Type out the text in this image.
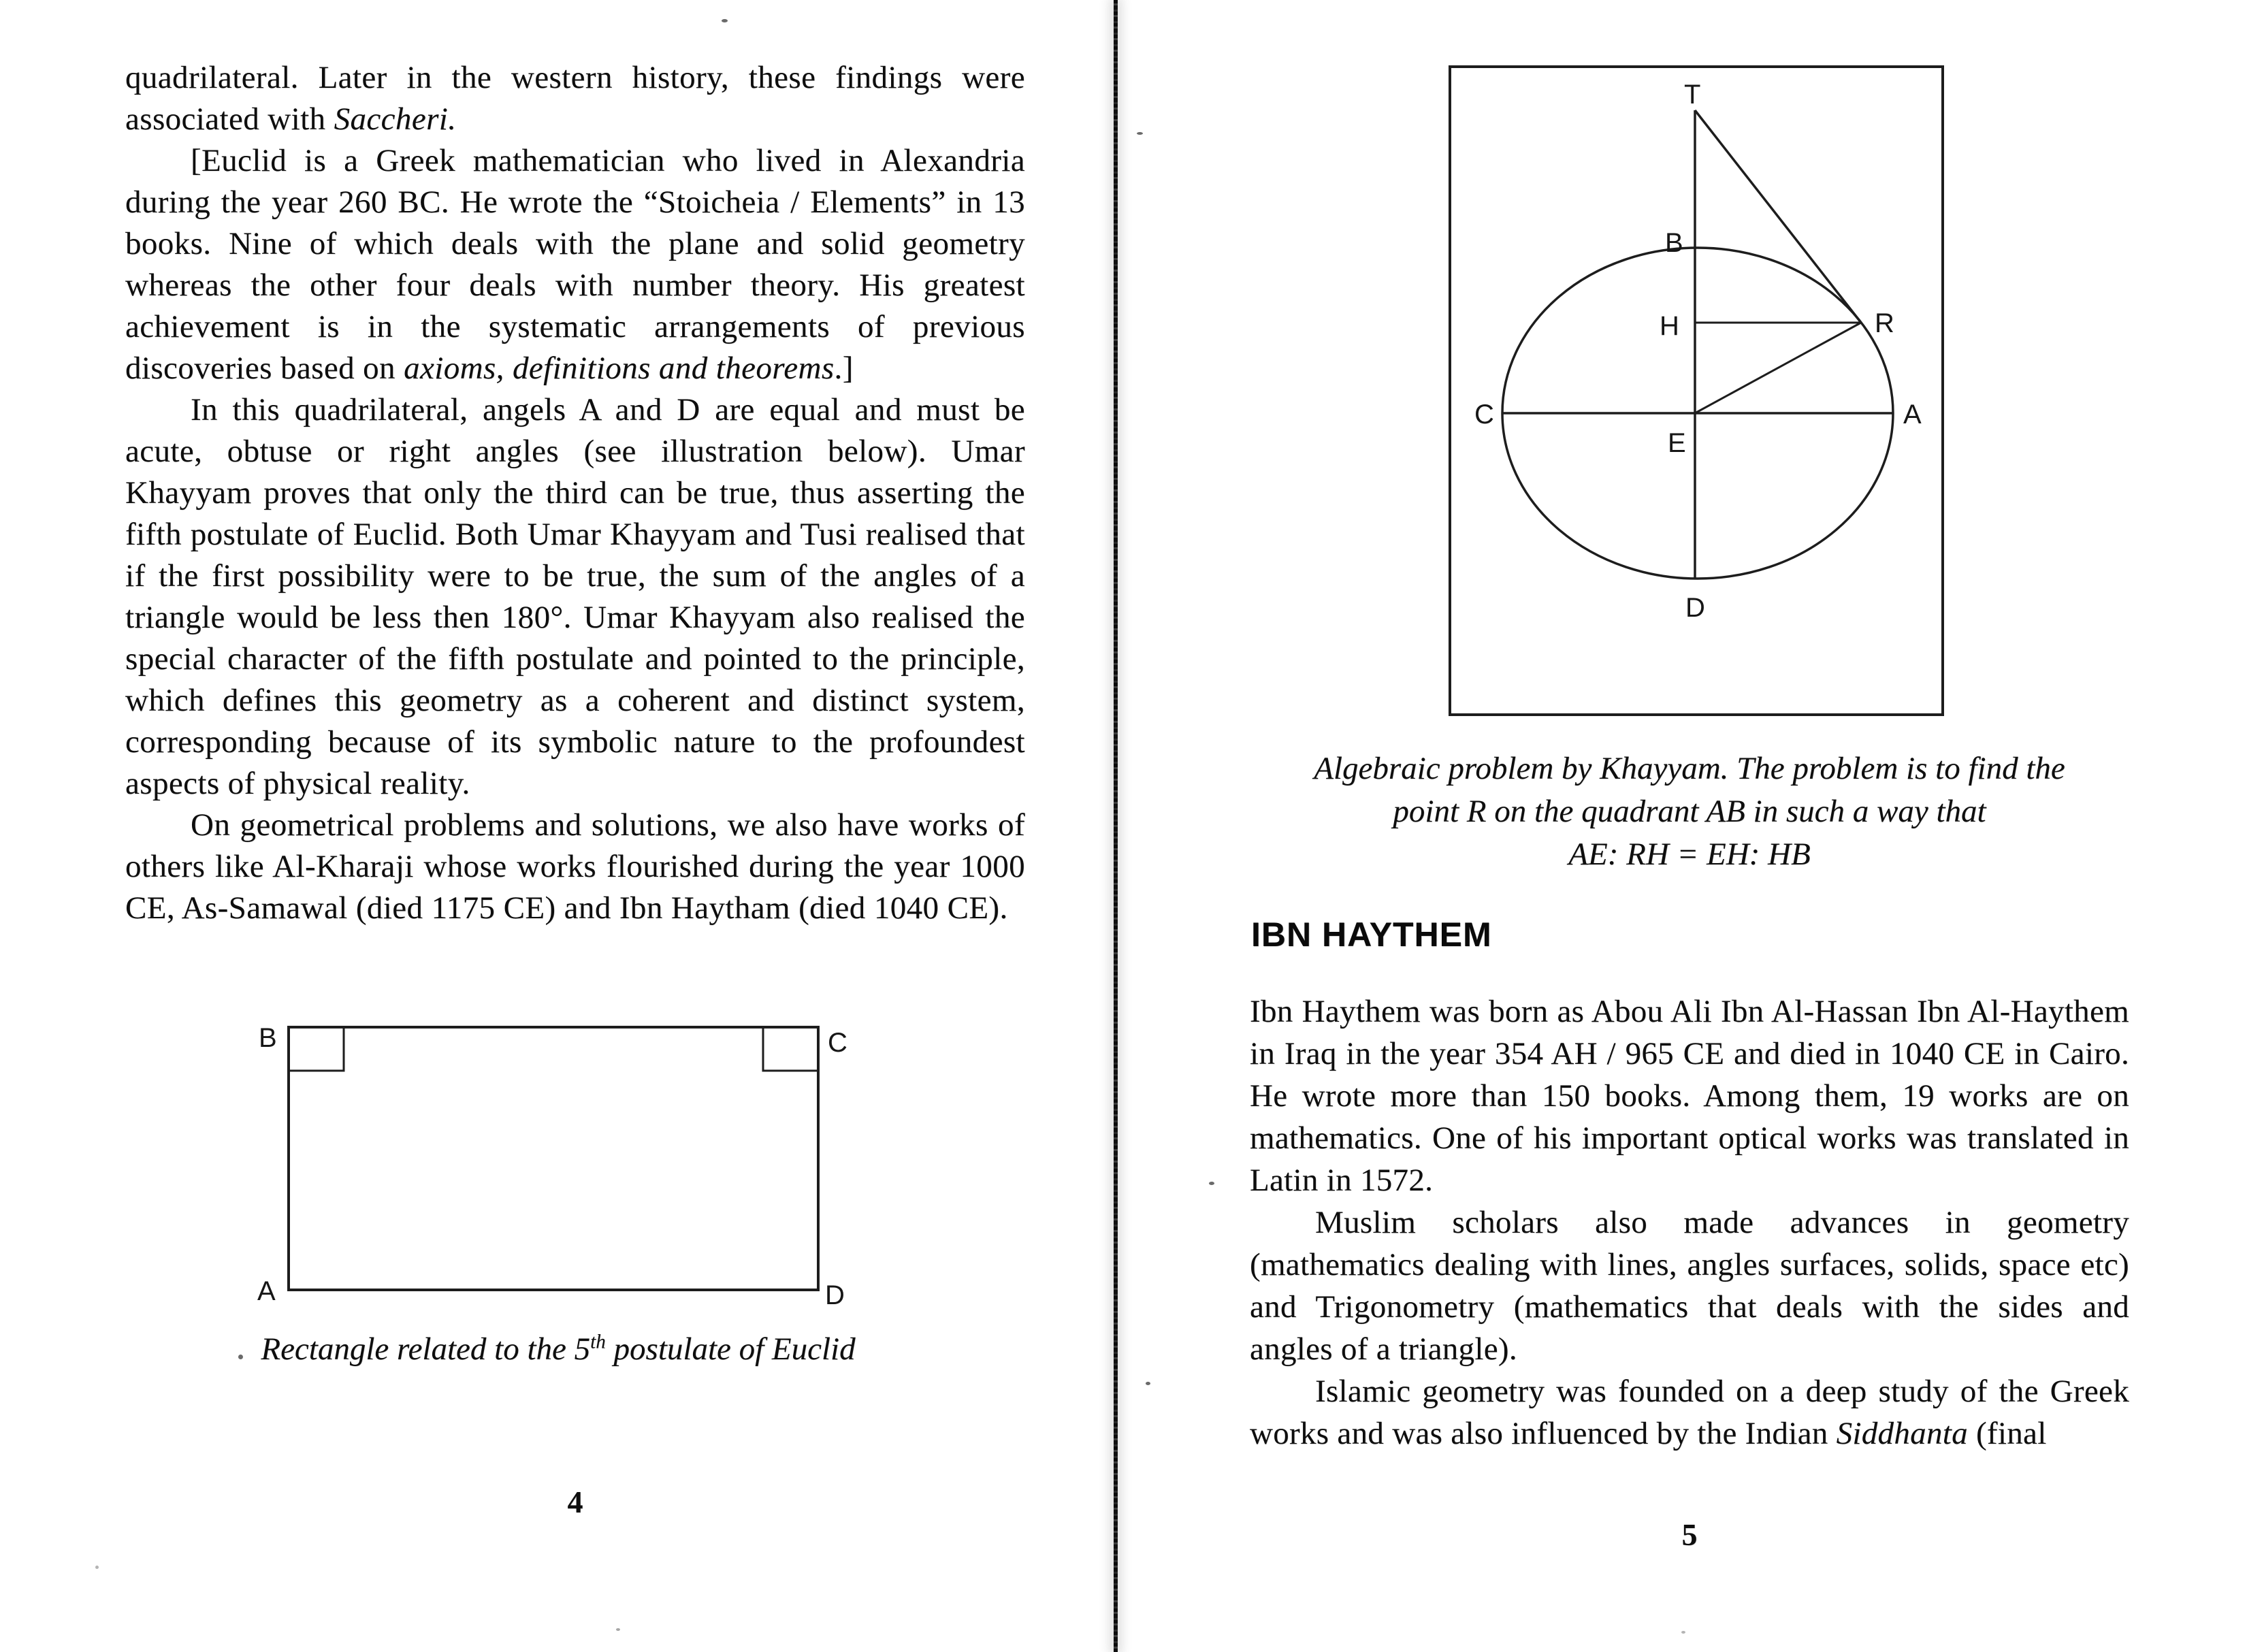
quadrilateral. Later in the western history, these findings were associated with Saccheri.

[Euclid is a Greek mathematician who lived in Alexandria during the year 260 BC. He wrote the “Stoicheia / Elements” in 13 books. Nine of which deals with the plane and solid geometry whereas the other four deals with number theory. His greatest achievement is in the systematic arrangements of previous discoveries based on axioms, definitions and theorems.]

In this quadrilateral, angels A and D are equal and must be acute, obtuse or right angles (see illustration below). Umar Khayyam proves that only the third can be true, thus asserting the fifth postulate of Euclid. Both Umar Khayyam and Tusi realised that if the first possibility were to be true, the sum of the angles of a triangle would be less then 180°. Umar Khayyam also realised the special character of the fifth postulate and pointed to the principle, which defines this geometry as a coherent and distinct system, corresponding because of its symbolic nature to the profoundest aspects of physical reality.

On geometrical problems and solutions, we also have works of others like Al-Kharaji whose works flourished during the year 1000 CE, As-Samawal (died 1175 CE) and Ibn Haytham (died 1040 CE).

B	C
A	D
Rectangle related to the 5th postulate of Euclid
4
T
B
H	R
C
E
A
D
Algebraic problem by Khayyam. The problem is to find the
point R on the quadrant AB in such a way that
AE: RH = EH: HB
IBN HAYTHEM

Ibn Haythem was born as Abou Ali Ibn Al-Hassan Ibn Al-Haythem in Iraq in the year 354 AH / 965 CE and died in 1040 CE in Cairo. He wrote more than 150 books. Among them, 19 works are on mathematics. One of his important optical works was translated in Latin in 1572.

Muslim scholars also made advances in geometry (mathematics dealing with lines, angles surfaces, solids, space etc) and Trigonometry (mathematics that deals with the sides and angles of a triangle).

Islamic geometry was founded on a deep study of the Greek works and was also influenced by the Indian Siddhanta (final

5
